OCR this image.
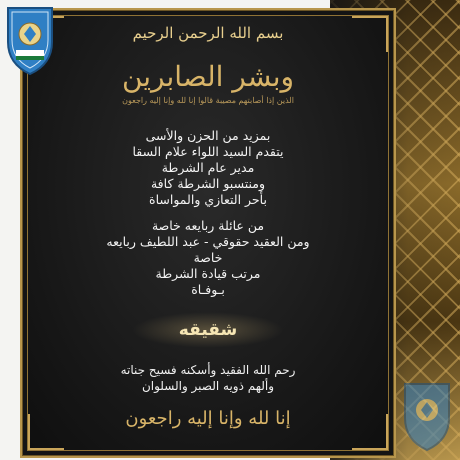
بسم الله الرحمن الرحيم
وبشر الصابرين
الذين إذا أصابتهم مصيبة قالوا إنا لله وإنا إليه راجعون
بمزيد من الحزن والأسى
يتقدم السيد اللواء علام السقا
مدير عام الشرطة
ومنتسبو الشرطة كافة
بأحر التعازي والمواساة
من عائلة ربايعه خاصة
ومن العقيد حقوقي - عبد اللطيف ربايعه
خاصة
مرتب قيادة الشرطة
بـوفـاة
شقيقه
رحم الله الفقيد وأسكنه فسيح جناته
وألهم ذويه الصبر والسلوان
إنا لله وإنا إليه راجعون
